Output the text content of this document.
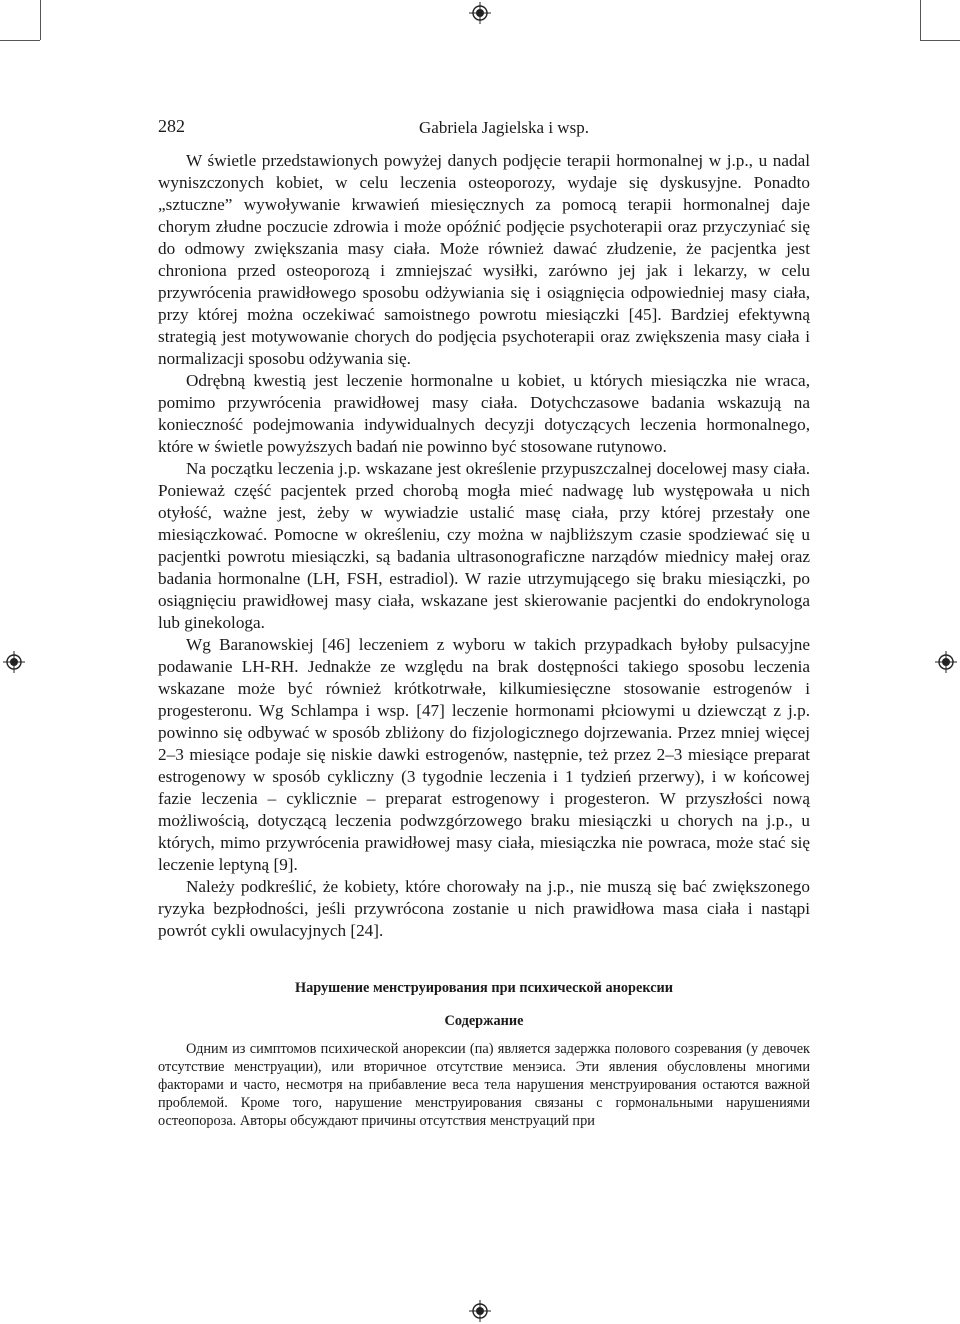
282	Gabriela Jagielska i wsp.

W świetle przedstawionych powyżej danych podjęcie terapii hormonalnej w j.p., u nadal wyniszczonych kobiet, w celu leczenia osteoporozy, wydaje się dyskusyjne. Ponadto „sztuczne” wywoływanie krwawień miesięcznych za pomocą terapii hormonalnej daje chorym złudne poczucie zdrowia i może opóźnić podjęcie psychoterapii oraz przyczyniać się do odmowy zwiększania masy ciała. Może również dawać złudzenie, że pacjentka jest chroniona przed osteoporozą i zmniejszać wysiłki, zarówno jej jak i lekarzy, w celu przywrócenia prawidłowego sposobu odżywiania się i osiągnięcia odpowiedniej masy ciała, przy której można oczekiwać samoistnego powrotu miesiączki [45]. Bardziej efektywną strategią jest motywowanie chorych do podjęcia psychoterapii oraz zwiększenia masy ciała i normalizacji sposobu odżywania się.

Odrębną kwestią jest leczenie hormonalne u kobiet, u których miesiączka nie wraca, pomimo przywrócenia prawidłowej masy ciała. Dotychczasowe badania wskazują na konieczność podejmowania indywidualnych decyzji dotyczących leczenia hormonalnego, które w świetle powyższych badań nie powinno być stosowane rutynowo.

Na początku leczenia j.p. wskazane jest określenie przypuszczalnej docelowej masy ciała. Ponieważ część pacjentek przed chorobą mogła mieć nadwagę lub występowała u nich otyłość, ważne jest, żeby w wywiadzie ustalić masę ciała, przy której przestały one miesiączkować. Pomocne w określeniu, czy można w najbliższym czasie spodziewać się u pacjentki powrotu miesiączki, są badania ultrasonograficzne narządów miednicy małej oraz badania hormonalne (LH, FSH, estradiol). W razie utrzymującego się braku miesiączki, po osiągnięciu prawidłowej masy ciała, wskazane jest skierowanie pacjentki do endokrynologa lub ginekologa.

Wg Baranowskiej [46] leczeniem z wyboru w takich przypadkach byłoby pulsacyjne podawanie LH-RH. Jednakże ze względu na brak dostępności takiego sposobu leczenia wskazane może być również krótkotrwałe, kilkumiesięczne stosowanie estrogenów i progesteronu. Wg Schlampa i wsp. [47] leczenie hormonami płciowymi u dziewcząt z j.p. powinno się odbywać w sposób zbliżony do fizjologicznego dojrzewania. Przez mniej więcej 2–3 miesiące podaje się niskie dawki estrogenów, następnie, też przez 2–3 miesiące preparat estrogenowy w sposób cykliczny (3 tygodnie leczenia i 1 tydzień przerwy), i w końcowej fazie leczenia – cyklicznie – preparat estrogenowy i progesteron. W przyszłości nową możliwością, dotyczącą leczenia podwzgórzowego braku miesiączki u chorych na j.p., u których, mimo przywrócenia prawidłowej masy ciała, miesiączka nie powraca, może stać się leczenie leptyną [9].

Należy podkreślić, że kobiety, które chorowały na j.p., nie muszą się bać zwiększonego ryzyka bezpłodności, jeśli przywrócona zostanie u nich prawidłowa masa ciała i nastąpi powrót cykli owulacyjnych [24].

Нарушение менструирования при психической анорексии
Содержание

Одним из симптомов психической анорексии (па) является задержка полового созревания (у девочек отсутствие менструации), или вторичное отсутствие менэиса. Эти явления обусловлены многими факторами и часто, несмотря на прибавление веса тела нарушения менструирования остаются важной проблемой. Кроме того, нарушение менструирования связаны с гормональными нарушениями остеопороза. Авторы обсуждают причины отсутствия менструаций при
